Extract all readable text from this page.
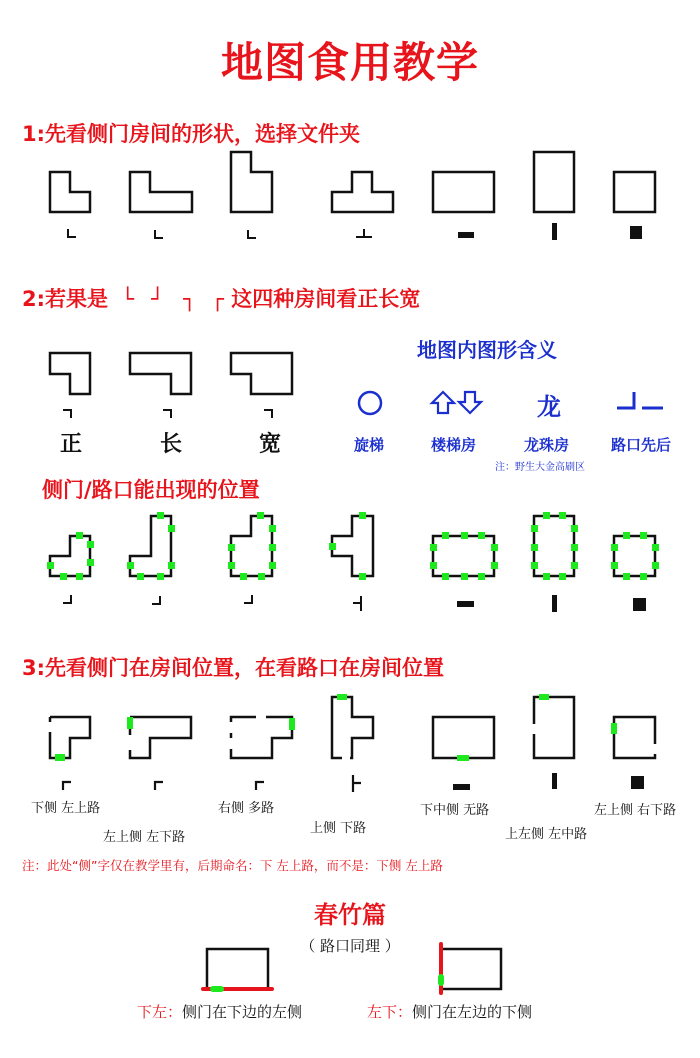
地图食用教学
1:先看侧门房间的形状，选择文件夹
2:若果是 └ ┘ ┐ ┌ 这四种房间看正长宽
正	长	宽
地图内图形含义
龙
旋梯	楼梯房	龙珠房	路口先后
注：野生大金高刷区
侧门/路口能出现的位置
3:先看侧门在房间位置，在看路口在房间位置
下侧 左上路
左上侧 左下路
右侧 多路
上侧 下路
下中侧 无路
上左侧 左中路
左上侧 右下路
注：此处“侧”字仅在教学里有，后期命名：下 左上路，而不是：下侧 左上路
春竹篇
（ 路口同理 ）
下左：侧门在下边的左侧	左下：侧门在左边的下侧
